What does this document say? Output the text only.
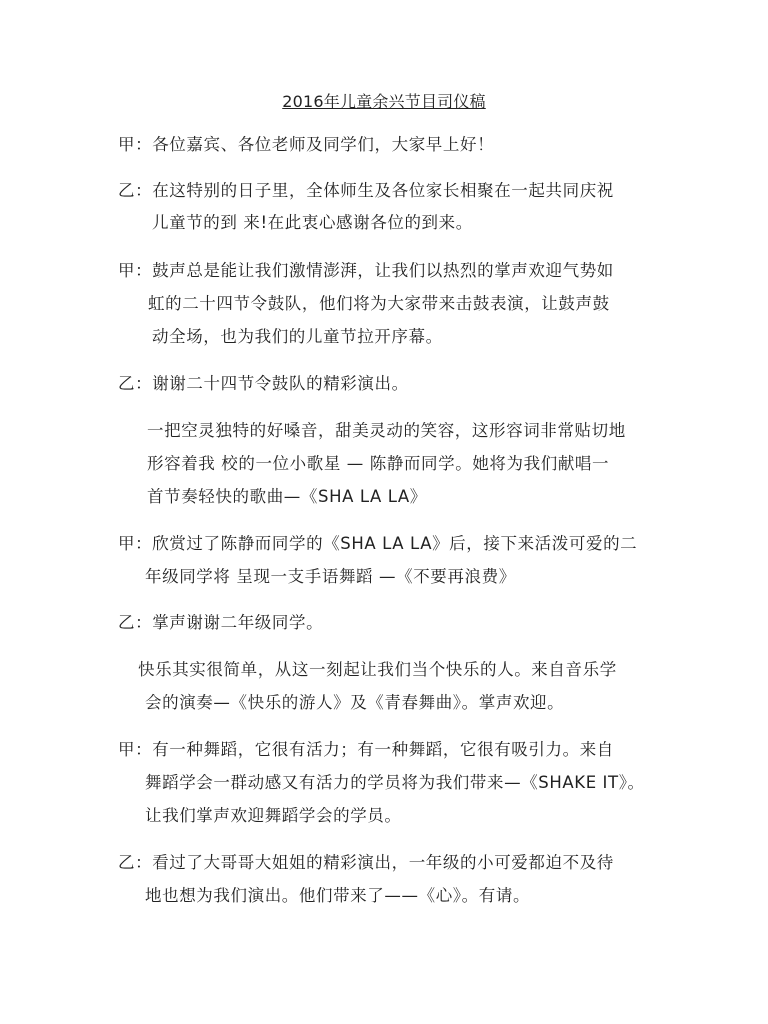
2016年儿童余兴节目司仪稿
甲：各位嘉宾、各位老师及同学们，大家早上好！
乙：在这特别的日子里，全体师生及各位家长相聚在一起共同庆祝
儿童节的到 来!在此衷心感谢各位的到来。
甲：鼓声总是能让我们激情澎湃，让我们以热烈的掌声欢迎气势如
虹的二十四节令鼓队，他们将为大家带来击鼓表演，让鼓声鼓
动全场，也为我们的儿童节拉开序幕。
乙：谢谢二十四节令鼓队的精彩演出。
一把空灵独特的好嗓音，甜美灵动的笑容，这形容词非常贴切地
形容着我 校的一位小歌星 — 陈静而同学。她将为我们献唱一
首节奏轻快的歌曲—《SHA LA LA》
甲：欣赏过了陈静而同学的《SHA LA LA》后，接下来活泼可爱的二
年级同学将 呈现一支手语舞蹈 —《不要再浪费》
乙：掌声谢谢二年级同学。
快乐其实很简单，从这一刻起让我们当个快乐的人。来自音乐学
会的演奏—《快乐的游人》及《青春舞曲》。掌声欢迎。
甲：有一种舞蹈，它很有活力；有一种舞蹈，它很有吸引力。来自
舞蹈学会一群动感又有活力的学员将为我们带来—《SHAKE IT》。
让我们掌声欢迎舞蹈学会的学员。
乙：看过了大哥哥大姐姐的精彩演出，一年级的小可爱都迫不及待
地也想为我们演出。他们带来了——《心》。有请。
